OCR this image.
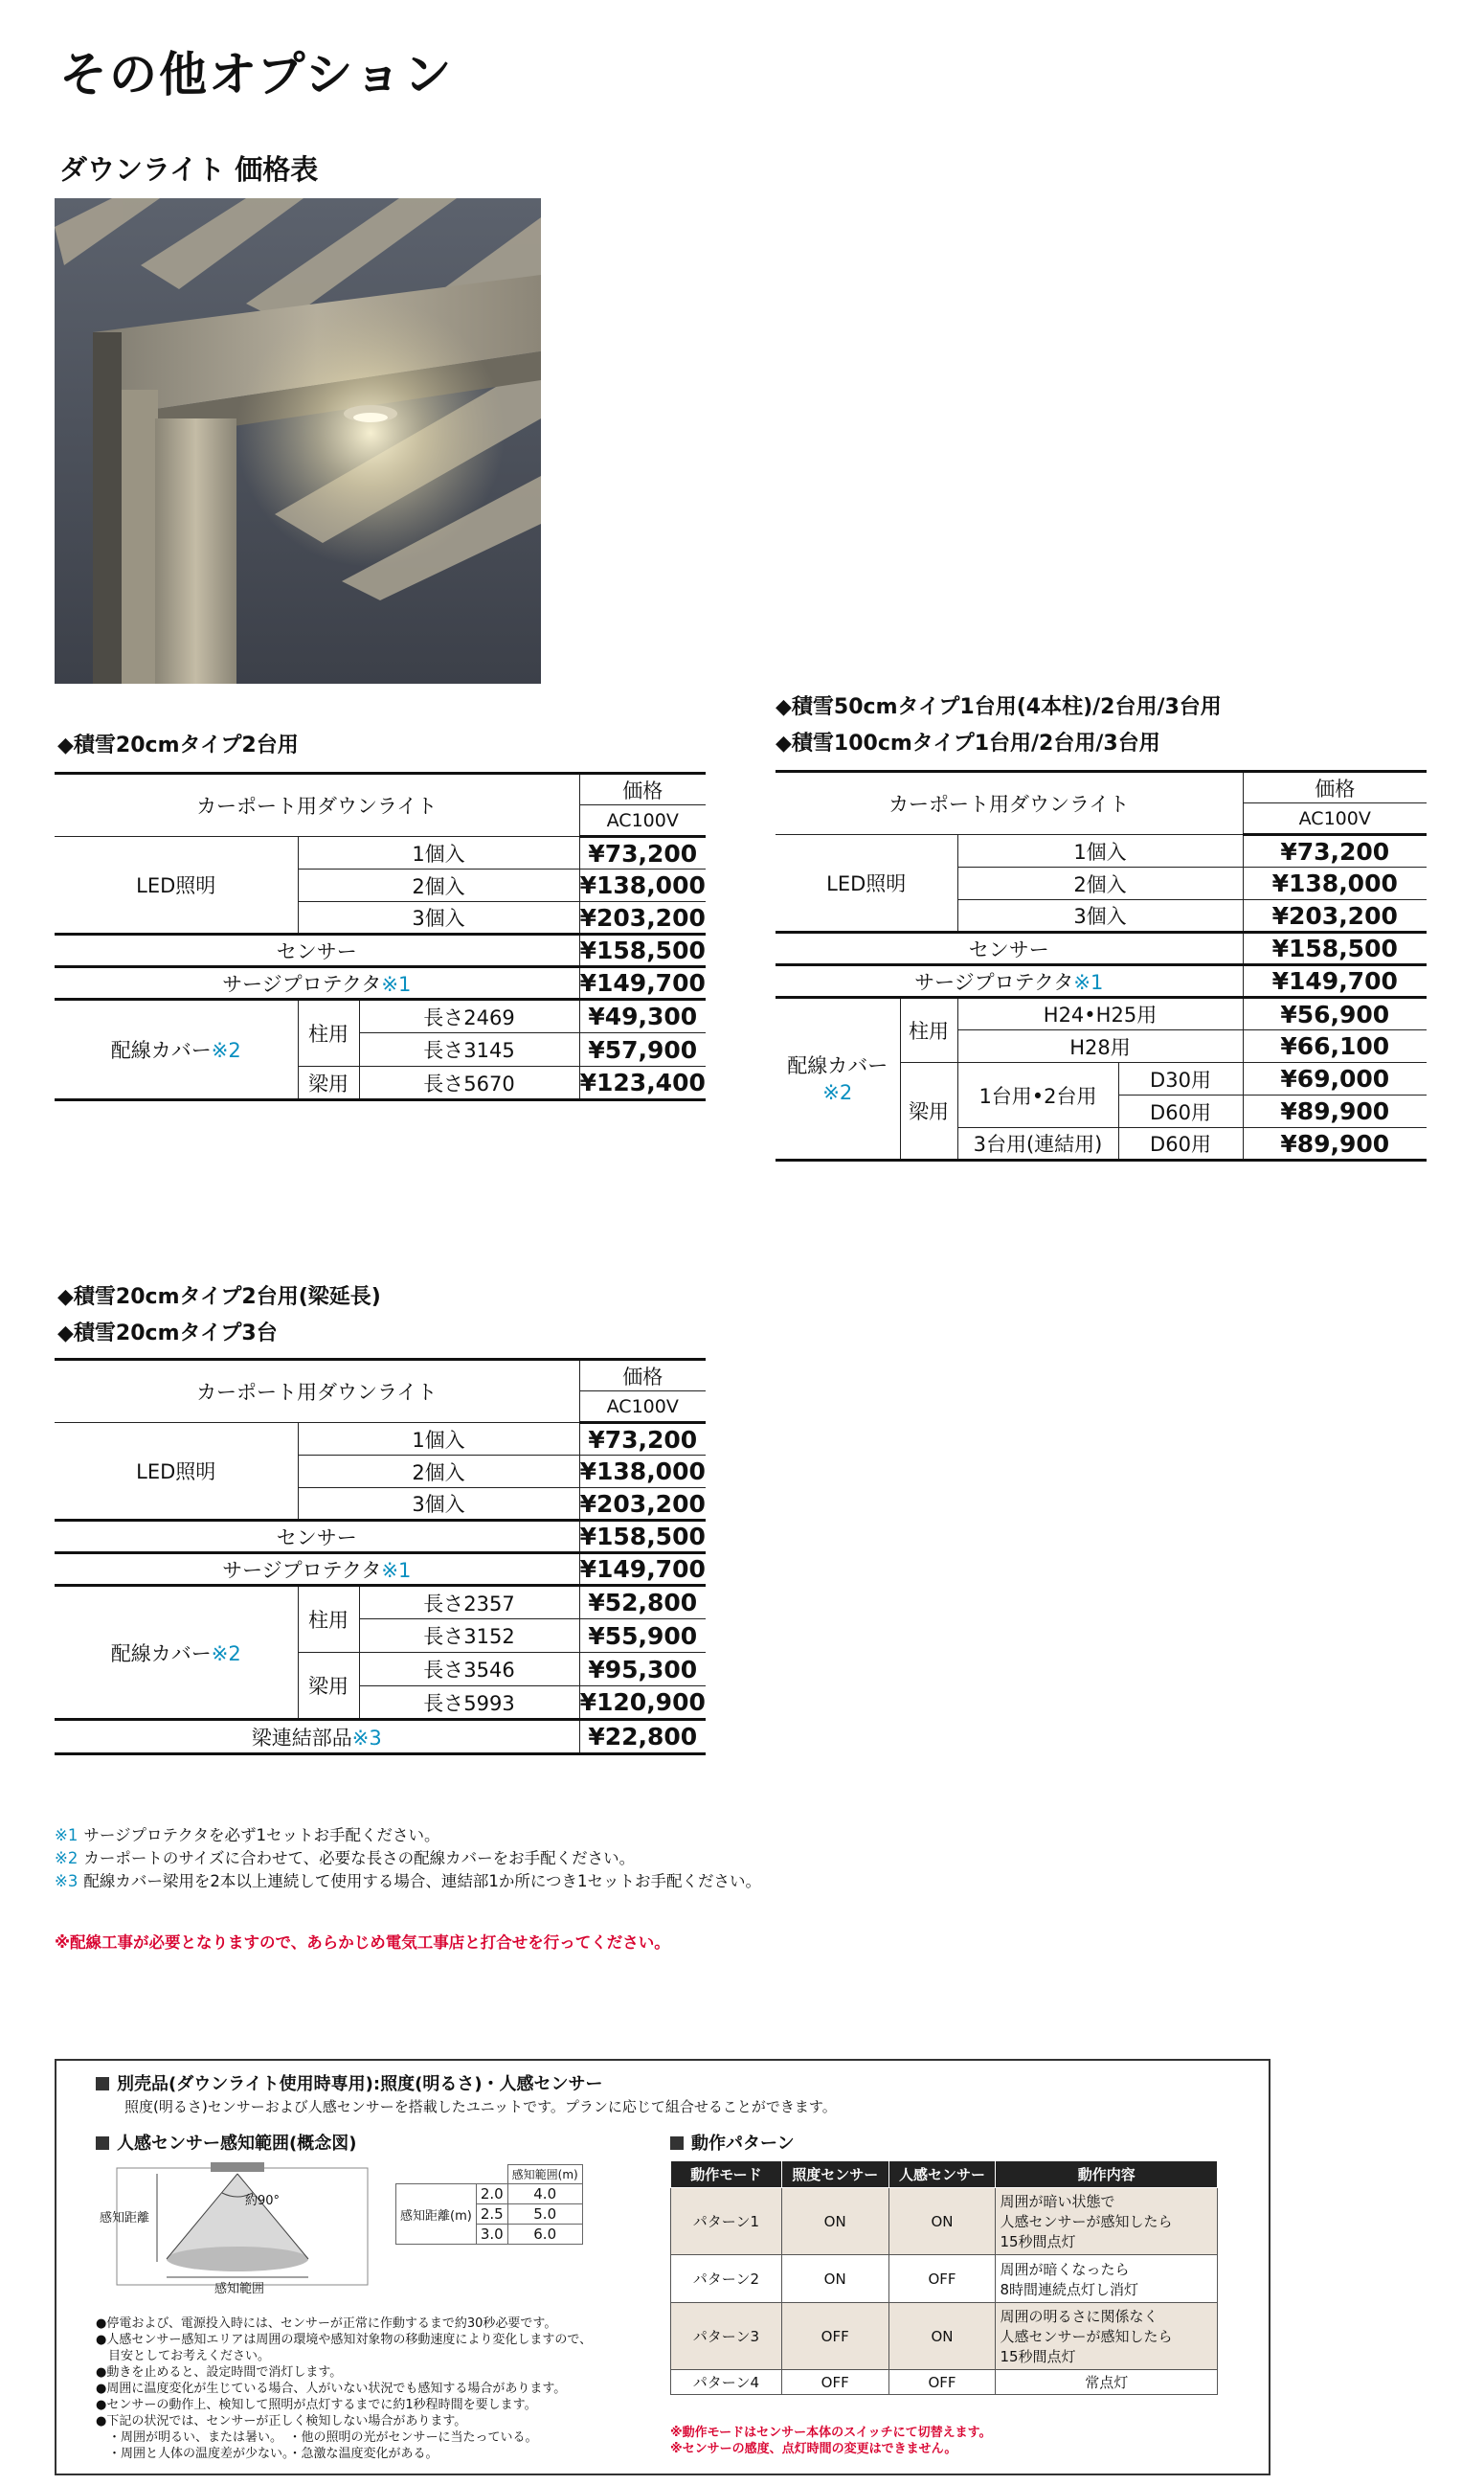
その他オプション
ダウンライト 価格表
◆積雪20cmタイプ2台用
カーポート用ダウンライト			価格
			AC100V
LED照明	1個入		¥73,200
	2個入		¥138,000
	3個入		¥203,200
センサー			¥158,500
サージプロテクタ※1			¥149,700
配線カバー※2	柱用	長さ2469	¥49,300
		長さ3145	¥57,900
	梁用	長さ5670	¥123,400
◆積雪50cmタイプ1台用(4本柱)/2台用/3台用
◆積雪100cmタイプ1台用/2台用/3台用
カーポート用ダウンライト				価格
				AC100V
LED照明		1個入		¥73,200
		2個入		¥138,000
		3個入		¥203,200
センサー				¥158,500
サージプロテクタ※1				¥149,700
配線カバー
※2	柱用	H24•H25用		¥56,900
		H28用		¥66,100
	梁用	1台用•2台用	D30用	¥69,000
			D60用	¥89,900
		3台用(連結用)	D60用	¥89,900
◆積雪20cmタイプ2台用(梁延長)
◆積雪20cmタイプ3台
カーポート用ダウンライト			価格
			AC100V
LED照明	1個入		¥73,200
	2個入		¥138,000
	3個入		¥203,200
センサー			¥158,500
サージプロテクタ※1			¥149,700
配線カバー※2	柱用	長さ2357	¥52,800
		長さ3152	¥55,900
	梁用	長さ3546	¥95,300
		長さ5993	¥120,900
梁連結部品※3			¥22,800
※1 サージプロテクタを必ず1セットお手配ください。
※2 カーポートのサイズに合わせて、必要な長さの配線カバーをお手配ください。
※3 配線カバー梁用を2本以上連続して使用する場合、連結部1か所につき1セットお手配ください。
※配線工事が必要となりますので、あらかじめ電気工事店と打合せを行ってください。
別売品(ダウンライト使用時専用):照度(明るさ)・人感センサー
照度(明るさ)センサーおよび人感センサーを搭載したユニットです。プランに応じて組合せることができます。
人感センサー感知範囲(概念図)
約90°
感知距離
感知範囲
		感知範囲(m)
感知距離(m)	2.0	4.0
	2.5	5.0
	3.0	6.0
●停電および、電源投入時には、センサーが正常に作動するまで約30秒必要です。
●人感センサー感知エリアは周囲の環境や感知対象物の移動速度により変化しますので、
　目安としてお考えください。
●動きを止めると、設定時間で消灯します。
●周囲に温度変化が生じている場合、人がいない状況でも感知する場合があります。
●センサーの動作上、検知して照明が点灯するまでに約1秒程時間を要します。
●下記の状況では、センサーが正しく検知しない場合があります。
　・周囲が明るい、または暑い。　・他の照明の光がセンサーに当たっている。
　・周囲と人体の温度差が少ない。・急激な温度変化がある。
動作パターン
動作モード	照度センサー	人感センサー	動作内容
パターン1	ON	ON	周囲が暗い状態で
人感センサーが感知したら
15秒間点灯

パターン2	ON	OFF	周囲が暗くなったら
8時間連続点灯し消灯

パターン3	OFF	ON	周囲の明るさに関係なく
人感センサーが感知したら
15秒間点灯

パターン4	OFF	OFF	常点灯
※動作モードはセンサー本体のスイッチにて切替えます。
※センサーの感度、点灯時間の変更はできません。
